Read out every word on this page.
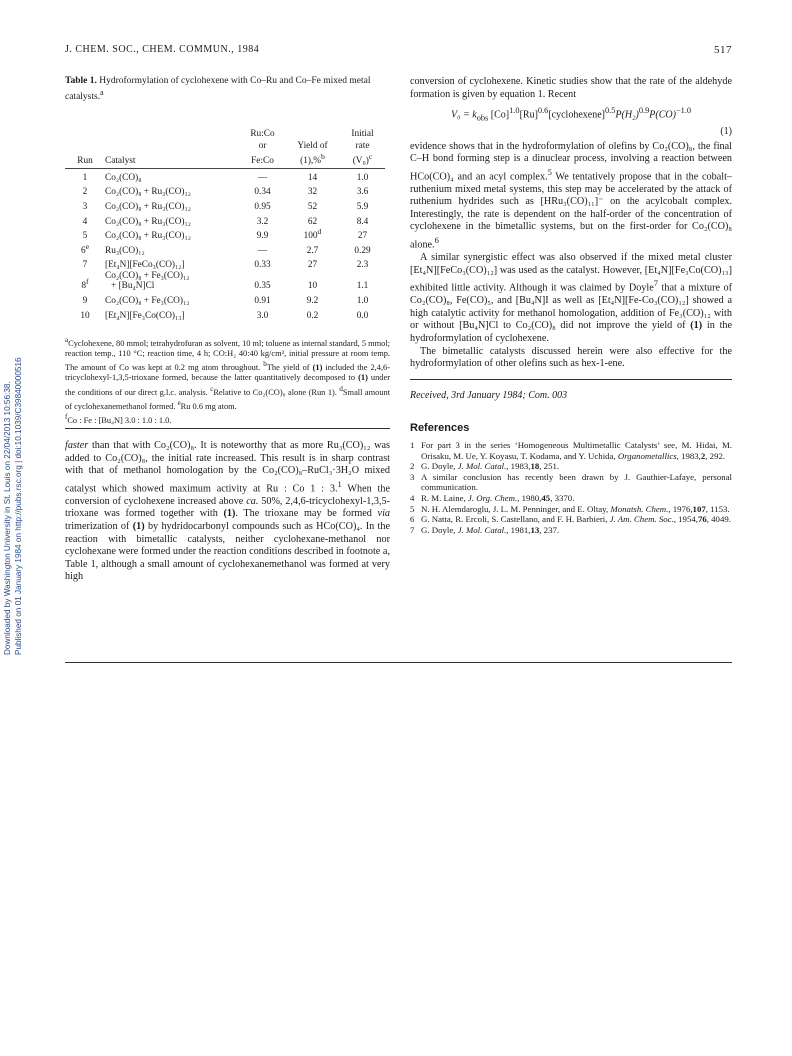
Downloaded by Washington University in St. Louis on 22/04/2013 10:56:38. Published on 01 January 1984 on http://pubs.rsc.org | doi:10.1039/C39840000516
J. CHEM. SOC., CHEM. COMMUN., 1984	517
Table 1. Hydroformylation of cyclohexene with Co–Ru and Co–Fe mixed metal catalysts.$^a$
		Ru:Co		Initial
		or	Yield of	rate
Run	Catalyst	Fe:Co	(1),%$^b$	$(V_0)^c$
1	Co₂(CO)₈	—	14	1.0
2	Co₂(CO)₈ + Ru₃(CO)₁₂	0.34	32	3.6
3	Co₂(CO)₈ + Ru₃(CO)₁₂	0.95	52	5.9
4	Co₂(CO)₈ + Ru₃(CO)₁₂	3.2	62	8.4
5	Co₂(CO)₈ + Ru₃(CO)₁₂	9.9	100$^d$	27
6e	Ru₃(CO)₁₂	—	2.7	0.29
7	[Et₄N][FeCo₃(CO)₁₂]	0.33	27	2.3
8$^f$	Co₂(CO)₈ + Fe₃(CO)₁₂
+ [Bu₄N]Cl	0.35	10	1.1
9	Co₂(CO)₈ + Fe₃(CO)₁₂	0.91	9.2	1.0
10	[Et₄N][Fe₃Co(CO)₁₃]	3.0	0.2	0.0
$^a$Cyclohexene, 80 mmol; tetrahydrofuran as solvent, 10 ml; toluene as internal standard, 5 mmol; reaction temp., 110 °C; reaction time, 4 h; CO:H₂ 40:40 kg/cm², initial pressure at room temp. The amount of Co was kept at 0.2 mg atom throughout. $^b$The yield of (1) included the 2,4,6-tricyclohexyl-1,3,5-trioxane formed, because the latter quantitatively decomposed to (1) under the conditions of our direct g.l.c. analysis. $^c$Relative to Co₂(CO)₈ alone (Run 1). $^d$Small amount of cyclohexanemethanol formed. $^e$Ru 0.6 mg atom.
$^f$Co : Fe : [Bu₄N] 3.0 : 1.0 : 1.0.

faster than that with Co₂(CO)₈. It is noteworthy that as more Ru₃(CO)₁₂ was added to Co₂(CO)₈, the initial rate increased. This result is in sharp contrast with that of methanol homologation by the Co₂(CO)₈–RuCl₃·3H₂O mixed catalyst which showed maximum activity at Ru : Co 1 : 3.$^1$ When the conversion of cyclohexene increased above ca. 50%, 2,4,6-tricyclohexyl-1,3,5-trioxane was formed together with (1). The trioxane may be formed via trimerization of (1) by hydridocarbonyl compounds such as HCo(CO)₄. In the reaction with bimetallic catalysts, neither cyclohexane-methanol nor cyclohexane were formed under the reaction conditions described in footnote a, Table 1, although a small amount of cyclohexanemethanol was formed at very high

conversion of cyclohexene. Kinetic studies show that the rate of the aldehyde formation is given by equation 1. Recent

$V_0 = k_{obs}$ $[Co]^{1.0}[Ru]^{0.6}[cyclohexene]^{0.5}P(H_2)^{0.9}P(CO)^{-1.0}$
(1)

evidence shows that in the hydroformylation of olefins by Co₂(CO)₈, the final C–H bond forming step is a dinuclear process, involving a reaction between HCo(CO)₄ and an acyl complex.$^5$ We tentatively propose that in the cobalt–ruthenium mixed metal systems, this step may be accelerated by the attack of ruthenium hydrides such as [HRu₃(CO)₁₁]⁻ on the acylcobalt complex. Interestingly, the rate is dependent on the half-order of the concentration of cyclohexene in the bimetallic systems, but on the first-order for Co₂(CO)₈ alone.$^6$

A similar synergistic effect was also observed if the mixed metal cluster [Et₄N][FeCo₃(CO)₁₂] was used as the catalyst. However, [Et₄N][Fe₃Co(CO)₁₃] exhibited little activity. Although it was claimed by Doyle$^7$ that a mixture of Co₂(CO)₈, Fe(CO)₅, and [Bu₄N]I as well as [Et₄N][Fe-Co₃(CO)₁₂] showed a high catalytic activity for methanol homologation, addition of Fe₃(CO)₁₂ with or without [Bu₄N]Cl to Co₂(CO)₈ did not improve the yield of (1) in the hydroformylation of cyclohexene.

The bimetallic catalysts discussed herein were also effective for the hydroformylation of other olefins such as hex-1-ene.

Received, 3rd January 1984; Com. 003
References
1 For part 3 in the series ‘Homogeneous Multimetallic Catalysts’ see, M. Hidai, M. Orisaku, M. Ue, Y. Koyasu, T. Kodama, and Y. Uchida, Organometallics, 1983,2, 292.
2 G. Doyle, J. Mol. Catal., 1983,18, 251.
3 A similar conclusion has recently been drawn by J. Gauthier-Lafaye, personal communication.
4 R. M. Laine, J. Org. Chem., 1980,45, 3370.
5 N. H. Alemdaroglu, J. L. M. Penninger, and E. Oltay, Monatsh. Chem., 1976,107, 1153.
6 G. Natta, R. Ercoli, S. Castellano, and F. H. Barbieri, J. Am. Chem. Soc., 1954,76, 4049.
7 G. Doyle, J. Mol. Catal., 1981,13, 237.
